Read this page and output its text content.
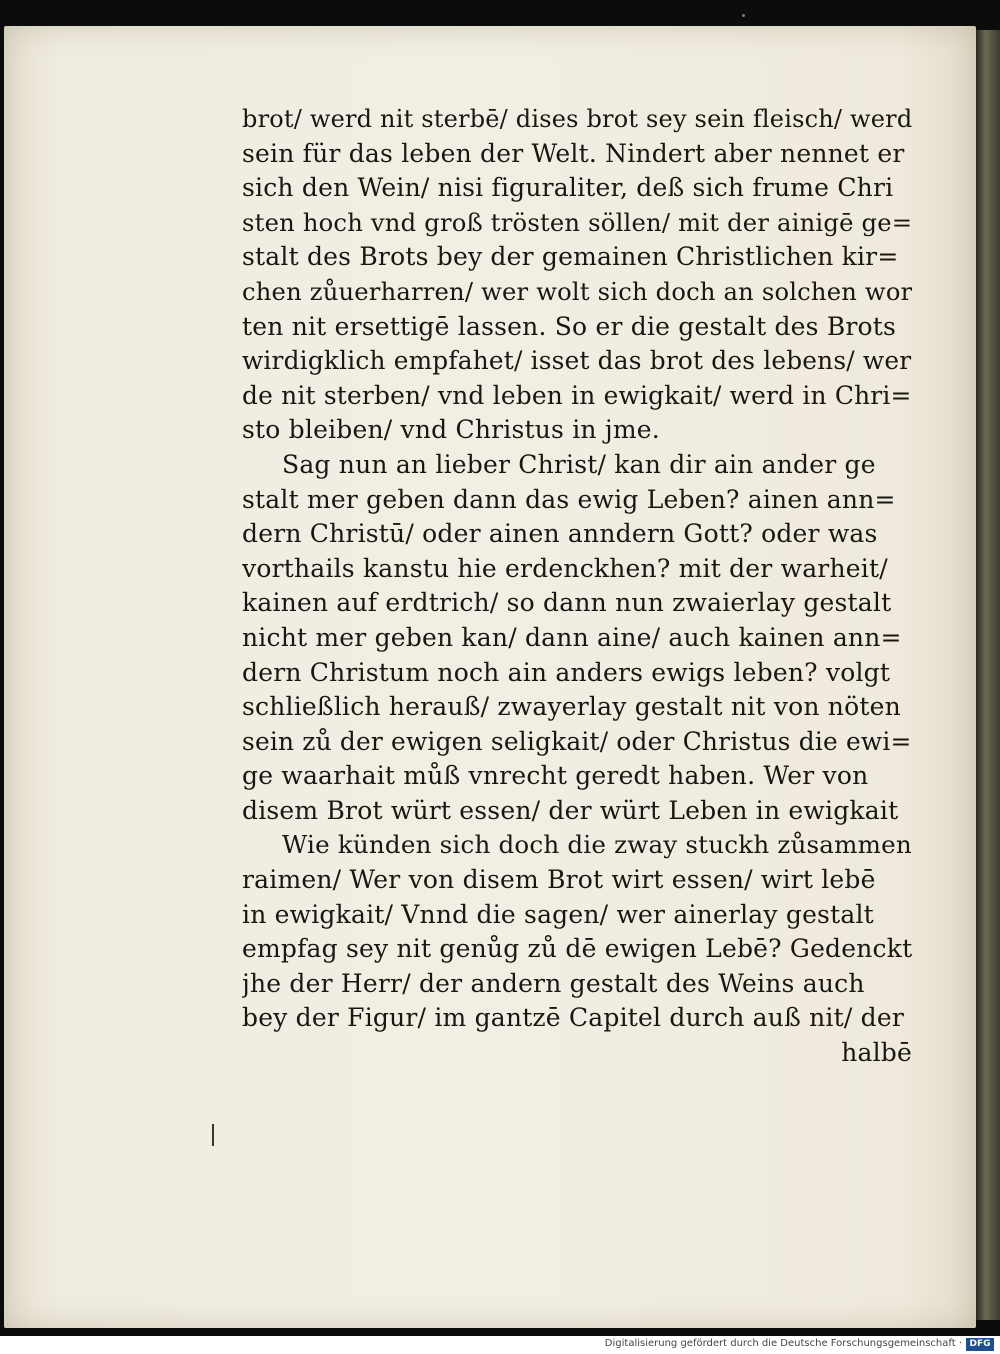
brot/ werd nit sterbē/ dises brot sey sein fleisch/ werd
sein für das leben der Welt. Nindert aber nennet er
sich den Wein/ nisi figuraliter, deß sich frume Chri
sten hoch vnd groß trösten söllen/ mit der ainigē ge=
stalt des Brots bey der gemainen Christlichen kir=
chen zůuerharren/ wer wolt sich doch an solchen wor
ten nit ersettigē lassen. So er die gestalt des Brots
wirdigklich empfahet/ isset das brot des lebens/ wer
de nit sterben/ vnd leben in ewigkait/ werd in Chri=
sto bleiben/ vnd Christus in jme.
Sag nun an lieber Christ/ kan dir ain ander ge
stalt mer geben dann das ewig Leben? ainen ann=
dern Christū/ oder ainen anndern Gott? oder was
vorthails kanstu hie erdenckhen? mit der warheit/
kainen auf erdtrich/ so dann nun zwaierlay gestalt
nicht mer geben kan/ dann aine/ auch kainen ann=
dern Christum noch ain anders ewigs leben? volgt
schließlich herauß/ zwayerlay gestalt nit von nöten
sein zů der ewigen seligkait/ oder Christus die ewi=
ge waarhait můß vnrecht geredt haben. Wer von
disem Brot würt essen/ der würt Leben in ewigkait
Wie künden sich doch die zway stuckh zůsammen
raimen/ Wer von disem Brot wirt essen/ wirt lebē
in ewigkait/ Vnnd die sagen/ wer ainerlay gestalt
empfag sey nit genůg zů dē ewigen Lebē? Gedenckt
jhe der Herr/ der andern gestalt des Weins auch
bey der Figur/ im gantzē Capitel durch auß nit/ der
halbē
Digitalisierung gefördert durch die Deutsche Forschungsgemeinschaft · DFG
